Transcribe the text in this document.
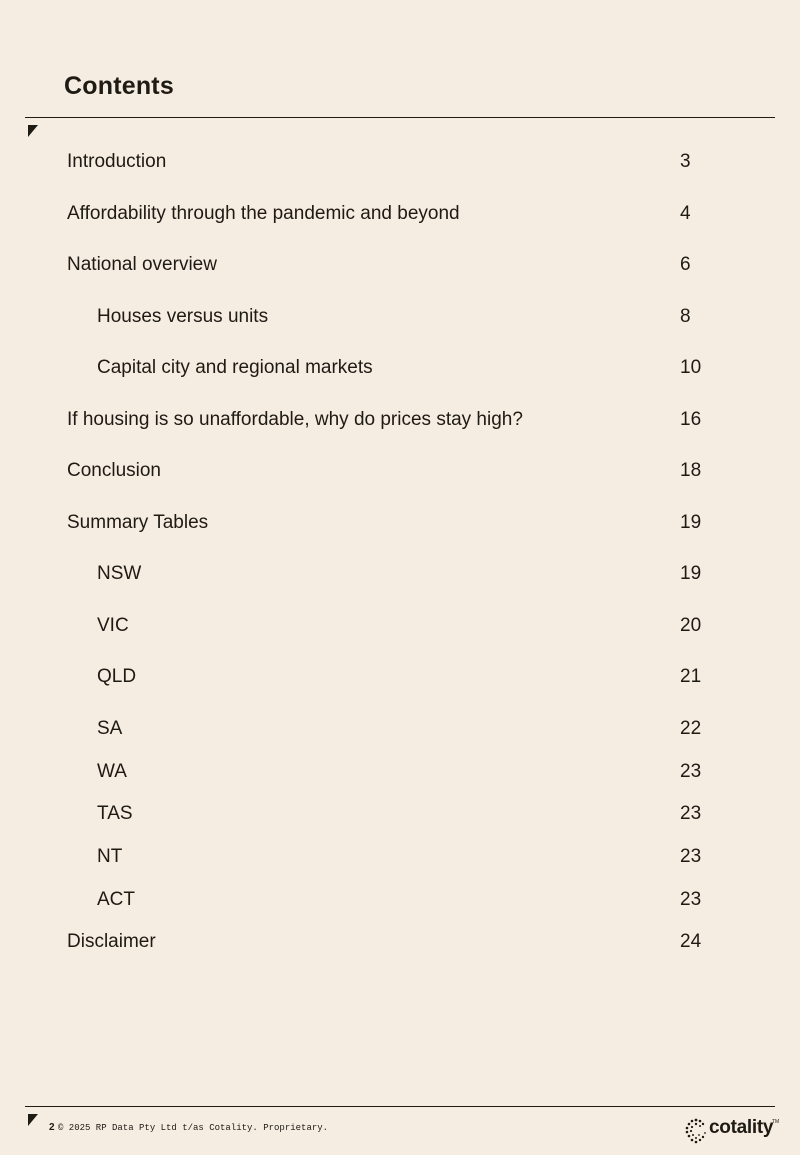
Contents
Introduction	3
Affordability through the pandemic and beyond	4
National overview	6
Houses versus units	8
Capital city and regional markets	10
If housing is so unaffordable, why do prices stay high?	16
Conclusion	18
Summary Tables	19
NSW	19
VIC	20
QLD	21
SA	22
WA	23
TAS	23
NT	23
ACT	23
Disclaimer	24
2 © 2025 RP Data Pty Ltd t/as Cotality. Proprietary.	cotality
TM
